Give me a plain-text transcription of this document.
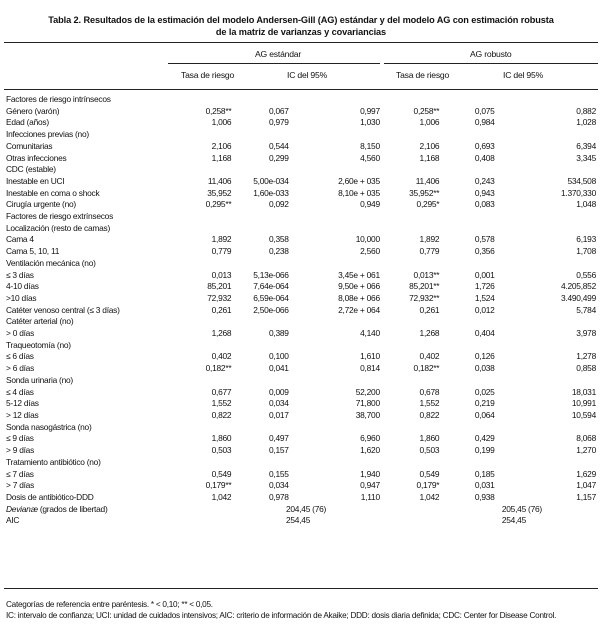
Tabla 2. Resultados de la estimación del modelo Andersen-Gill (AG) estándar y del modelo AG con estimación robusta
de la matriz de varianzas y covariancias
AG estándar	AG robusto
Tasa de riesgo	IC del 95%	Tasa de riesgo	IC del 95%
Factores de riesgo intrínsecos						
Género (varón)	0,258**	0,067	0,997	0,258**	0,075	0,882
Edad (años)	1,006	0,979	1,030	1,006	0,984	1,028
Infecciones previas (no)						
Comunitarias	2,106	0,544	8,150	2,106	0,693	6,394
Otras infecciones	1,168	0,299	4,560	1,168	0,408	3,345
CDC (estable)						
Inestable en UCI	11,406	5,00e-034	2,60e + 035	11,406	0,243	534,508
Inestable en coma o shock	35,952	1,60e-033	8,10e + 035	35,952**	0,943	1.370,330
Cirugía urgente (no)	0,295**	0,092	0,949	0,295*	0,083	1,048
Factores de riesgo extrínsecos						
Localización (resto de camas)						
Cama 4	1,892	0,358	10,000	1,892	0,578	6,193
Cama 5, 10, 11	0,779	0,238	2,560	0,779	0,356	1,708
Ventilación mecánica (no)						
≤ 3 días	0,013	5,13e-066	3,45e + 061	0,013**	0,001	0,556
4-10 días	85,201	7,64e-064	9,50e + 066	85,201**	1,726	4.205,852
>10 días	72,932	6,59e-064	8,08e + 066	72,932**	1,524	3.490,499
Catéter venoso central (≤ 3 días)	0,261	2,50e-066	2,72e + 064	0,261	0,012	5,784
Catéter arterial (no)						
> 0 días	1,268	0,389	4,140	1,268	0,404	3,978
Traqueotomía (no)						
≤ 6 días	0,402	0,100	1,610	0,402	0,126	1,278
> 6 días	0,182**	0,041	0,814	0,182**	0,038	0,858
Sonda urinaria (no)						
≤ 4 días	0,677	0,009	52,200	0,678	0,025	18,031
5-12 días	1,552	0,034	71,800	1,552	0,219	10,991
> 12 días	0,822	0,017	38,700	0,822	0,064	10,594
Sonda nasogástrica (no)						
≤ 9 días	1,860	0,497	6,960	1,860	0,429	8,068
> 9 días	0,503	0,157	1,620	0,503	0,199	1,270
Tratamiento antibiótico (no)						
≤ 7 días	0,549	0,155	1,940	0,549	0,185	1,629
> 7 días	0,179**	0,034	0,947	0,179*	0,031	1,047
Dosis de antibiótico-DDD	1,042	0,978	1,110	1,042	0,938	1,157
Devianæ (grados de libertad)	204,45 (76)			205,45 (76)		
AIC	254,45			254,45		
Categorías de referencia entre paréntesis. * < 0,10; ** < 0,05.
IC: intervalo de confianza; UCI: unidad de cuidados intensivos; AIC: criterio de información de Akaike; DDD: dosis diaria definida; CDC: Center for Disease Control.
